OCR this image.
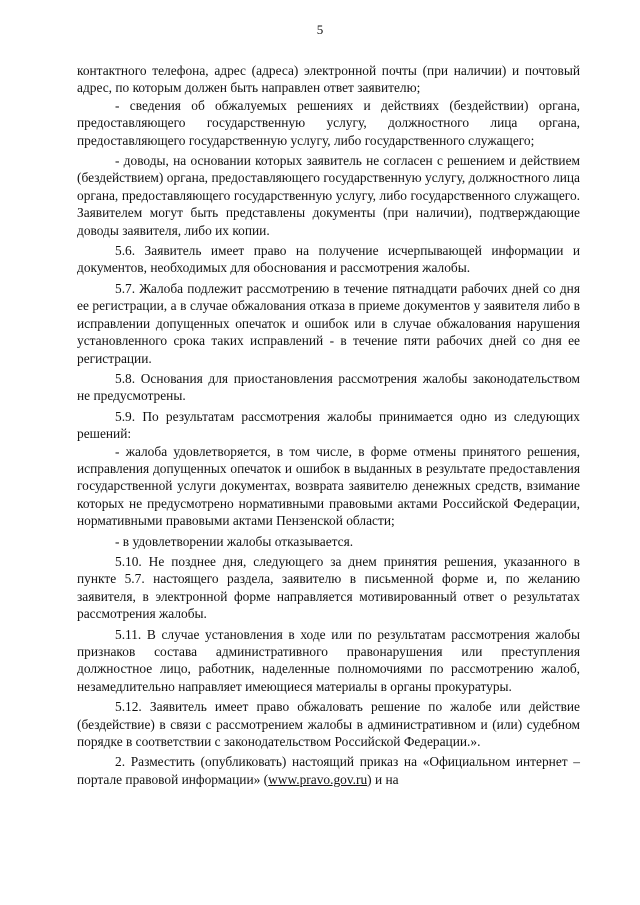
5

контактного телефона, адрес (адреса) электронной почты (при наличии) и почтовый адрес, по которым должен быть направлен ответ заявителю;

- сведения об обжалуемых решениях и действиях (бездействии) органа, предоставляющего государственную услугу, должностного лица органа, предоставляющего государственную услугу, либо государственного служащего;

- доводы, на основании которых заявитель не согласен с решением и действием (бездействием) органа, предоставляющего государственную услугу, должностного лица органа, предоставляющего государственную услугу, либо государственного служащего. Заявителем могут быть представлены документы (при наличии), подтверждающие доводы заявителя, либо их копии.

5.6. Заявитель имеет право на получение исчерпывающей информации и документов, необходимых для обоснования и рассмотрения жалобы.

5.7. Жалоба подлежит рассмотрению в течение пятнадцати рабочих дней со дня ее регистрации, а в случае обжалования отказа в приеме документов у заявителя либо в исправлении допущенных опечаток и ошибок или в случае обжалования нарушения установленного срока таких исправлений - в течение пяти рабочих дней со дня ее регистрации.

5.8. Основания для приостановления рассмотрения жалобы законодательством не предусмотрены.

5.9. По результатам рассмотрения жалобы принимается одно из следующих решений:

- жалоба удовлетворяется, в том числе, в форме отмены принятого решения, исправления допущенных опечаток и ошибок в выданных в результате предоставления государственной услуги документах, возврата заявителю денежных средств, взимание которых не предусмотрено нормативными правовыми актами Российской Федерации, нормативными правовыми актами Пензенской области;

- в удовлетворении жалобы отказывается.

5.10. Не позднее дня, следующего за днем принятия решения, указанного в пункте 5.7. настоящего раздела, заявителю в письменной форме и, по желанию заявителя, в электронной форме направляется мотивированный ответ о результатах рассмотрения жалобы.

5.11. В случае установления в ходе или по результатам рассмотрения жалобы признаков состава административного правонарушения или преступления должностное лицо, работник, наделенные полномочиями по рассмотрению жалоб, незамедлительно направляет имеющиеся материалы в органы прокуратуры.

5.12. Заявитель имеет право обжаловать решение по жалобе или действие (бездействие) в связи с рассмотрением жалобы в административном и (или) судебном порядке в соответствии с законодательством Российской Федерации.».

2. Разместить (опубликовать) настоящий приказ на «Официальном интернет – портале правовой информации» (www.pravo.gov.ru) и на
